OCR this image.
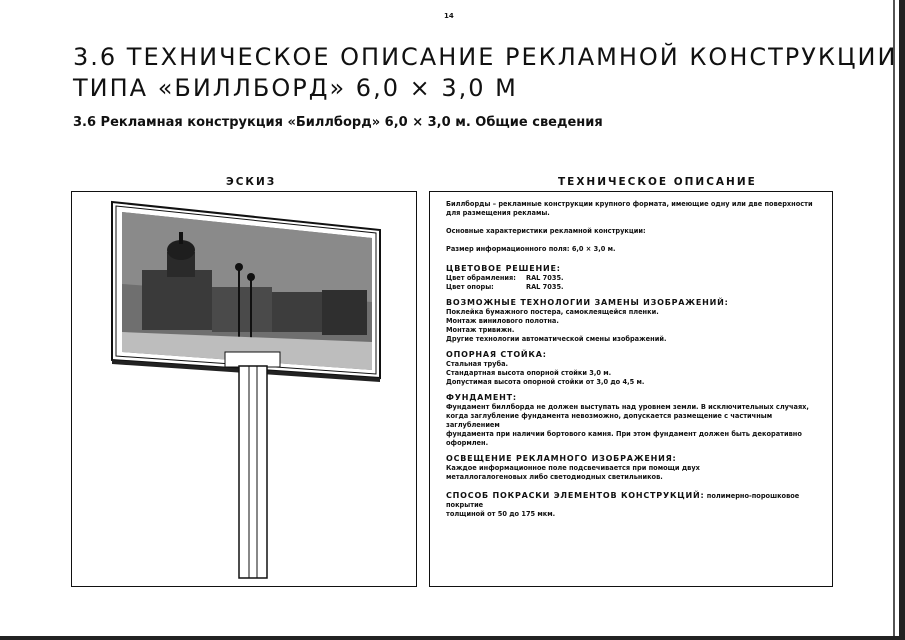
14
3.6 ТЕХНИЧЕСКОЕ ОПИСАНИЕ РЕКЛАМНОЙ КОНСТРУКЦИИ
ТИПА «БИЛЛБОРД» 6,0 × 3,0 М
3.6 Рекламная конструкция «Биллборд» 6,0 × 3,0 м. Общие сведения
ЭСКИЗ	ТЕХНИЧЕСКОЕ ОПИСАНИЕ

Биллборды – рекламные конструкции крупного формата, имеющие одну или две поверхности

для размещения рекламы.

Основные характеристики рекламной конструкции:

Размер информационного поля: 6,0 × 3,0 м.

ЦВЕТОВОЕ РЕШЕНИЕ:
Цвет обрамления:	RAL 7035.
Цвет опоры:	RAL 7035.
ВОЗМОЖНЫЕ ТЕХНОЛОГИИ ЗАМЕНЫ ИЗОБРАЖЕНИЙ:

Поклейка бумажного постера, самоклеящейся пленки.

Монтаж винилового полотна.

Монтаж тривижн.

Другие технологии автоматической смены изображений.

ОПОРНАЯ СТОЙКА:

Стальная труба.

Стандартная высота опорной стойки 3,0 м.

Допустимая высота опорной стойки от 3,0 до 4,5 м.

ФУНДАМЕНТ:

Фундамент биллборда не должен выступать над уровнем земли. В исключительных случаях,

когда заглубление фундамента невозможно, допускается размещение с частичным заглублением

фундамента при наличии бортового камня. При этом фундамент должен быть декоративно

оформлен.

ОСВЕЩЕНИЕ РЕКЛАМНОГО ИЗОБРАЖЕНИЯ:

Каждое информационное поле подсвечивается при помощи двух

металлогалогеновых либо светодиодных светильников.

СПОСОБ ПОКРАСКИ ЭЛЕМЕНТОВ КОНСТРУКЦИЙ: полимерно-порошковое покрытие

толщиной от 50 до 175 мкм.
